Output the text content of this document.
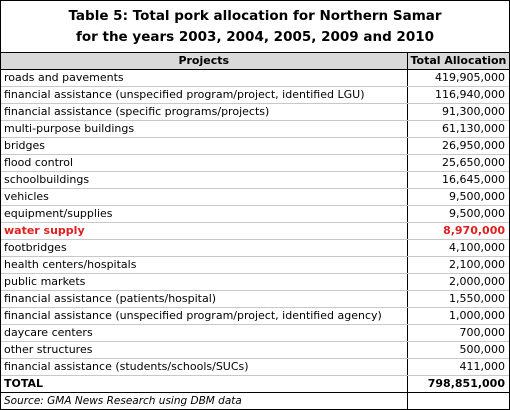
Table 5: Total pork allocation for Northern Samar
for the years 2003, 2004, 2005, 2009 and 2010
Projects	Total Allocation
roads and pavements	419,905,000
financial assistance (unspecified program/project, identified LGU)	116,940,000
financial assistance (specific programs/projects)	91,300,000
multi-purpose buildings	61,130,000
bridges	26,950,000
flood control	25,650,000
schoolbuildings	16,645,000
vehicles	9,500,000
equipment/supplies	9,500,000
water supply	8,970,000
footbridges	4,100,000
health centers/hospitals	2,100,000
public markets	2,000,000
financial assistance (patients/hospital)	1,550,000
financial assistance (unspecified program/project, identified agency)	1,000,000
daycare centers	700,000
other structures	500,000
financial assistance (students/schools/SUCs)	411,000
TOTAL	798,851,000
Source: GMA News Research using DBM data	
